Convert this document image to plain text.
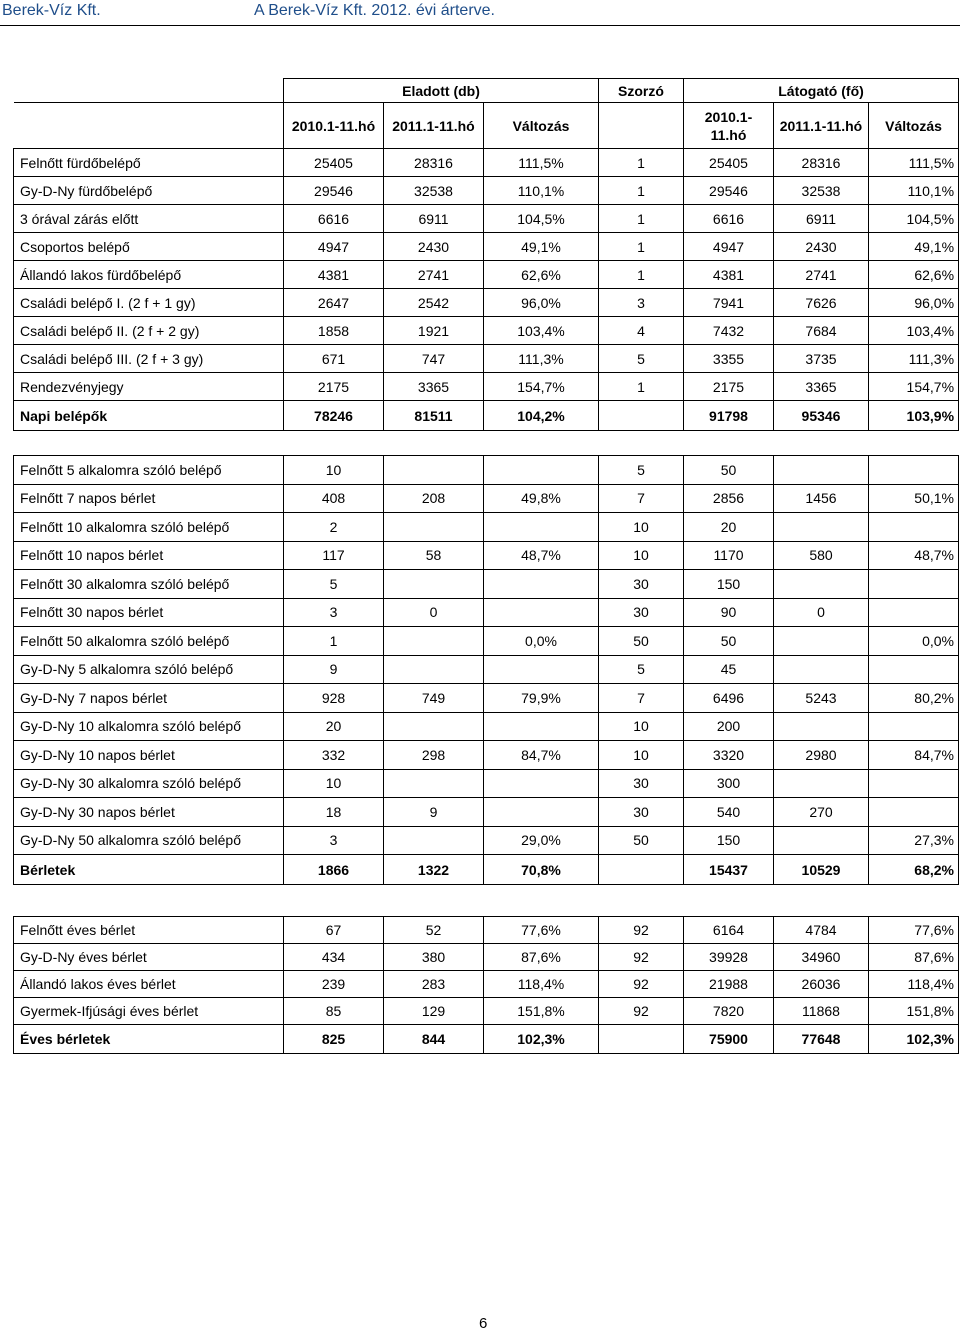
Berek-Víz Kft.	A Berek-Víz Kft. 2012. évi árterve.
	Eladott (db)			Szorzó	Látogató (fő)		
	2010.1-11.hó	2011.1-11.hó	Változás		2010.1-11.hó	2011.1-11.hó	Változás
Felnőtt fürdőbelépő	25405	28316	111,5%	1	25405	28316	111,5%
Gy-D-Ny fürdőbelépő	29546	32538	110,1%	1	29546	32538	110,1%
3 órával zárás előtt	6616	6911	104,5%	1	6616	6911	104,5%
Csoportos belépő	4947	2430	49,1%	1	4947	2430	49,1%
Állandó lakos fürdőbelépő	4381	2741	62,6%	1	4381	2741	62,6%
Családi belépő I. (2 f + 1 gy)	2647	2542	96,0%	3	7941	7626	96,0%
Családi belépő II. (2 f + 2 gy)	1858	1921	103,4%	4	7432	7684	103,4%
Családi belépő III. (2 f + 3 gy)	671	747	111,3%	5	3355	3735	111,3%
Rendezvényjegy	2175	3365	154,7%	1	2175	3365	154,7%
Napi belépők	78246	81511	104,2%		91798	95346	103,9%
Felnőtt 5 alkalomra szóló belépő	10			5	50		
Felnőtt 7 napos bérlet	408	208	49,8%	7	2856	1456	50,1%
Felnőtt 10 alkalomra szóló belépő	2			10	20		
Felnőtt 10 napos bérlet	117	58	48,7%	10	1170	580	48,7%
Felnőtt 30 alkalomra szóló belépő	5			30	150		
Felnőtt 30 napos bérlet	3	0		30	90	0	
Felnőtt 50 alkalomra szóló belépő	1		0,0%	50	50		0,0%
Gy-D-Ny 5 alkalomra szóló belépő	9			5	45		
Gy-D-Ny 7 napos bérlet	928	749	79,9%	7	6496	5243	80,2%
Gy-D-Ny 10 alkalomra szóló belépő	20			10	200		
Gy-D-Ny 10 napos bérlet	332	298	84,7%	10	3320	2980	84,7%
Gy-D-Ny 30 alkalomra szóló belépő	10			30	300		
Gy-D-Ny 30 napos bérlet	18	9		30	540	270	
Gy-D-Ny 50 alkalomra szóló belépő	3		29,0%	50	150		27,3%
Bérletek	1866	1322	70,8%		15437	10529	68,2%
Felnőtt éves bérlet	67	52	77,6%	92	6164	4784	77,6%
Gy-D-Ny éves bérlet	434	380	87,6%	92	39928	34960	87,6%
Állandó lakos éves bérlet	239	283	118,4%	92	21988	26036	118,4%
Gyermek-Ifjúsági éves bérlet	85	129	151,8%	92	7820	11868	151,8%
Éves bérletek	825	844	102,3%		75900	77648	102,3%
6
